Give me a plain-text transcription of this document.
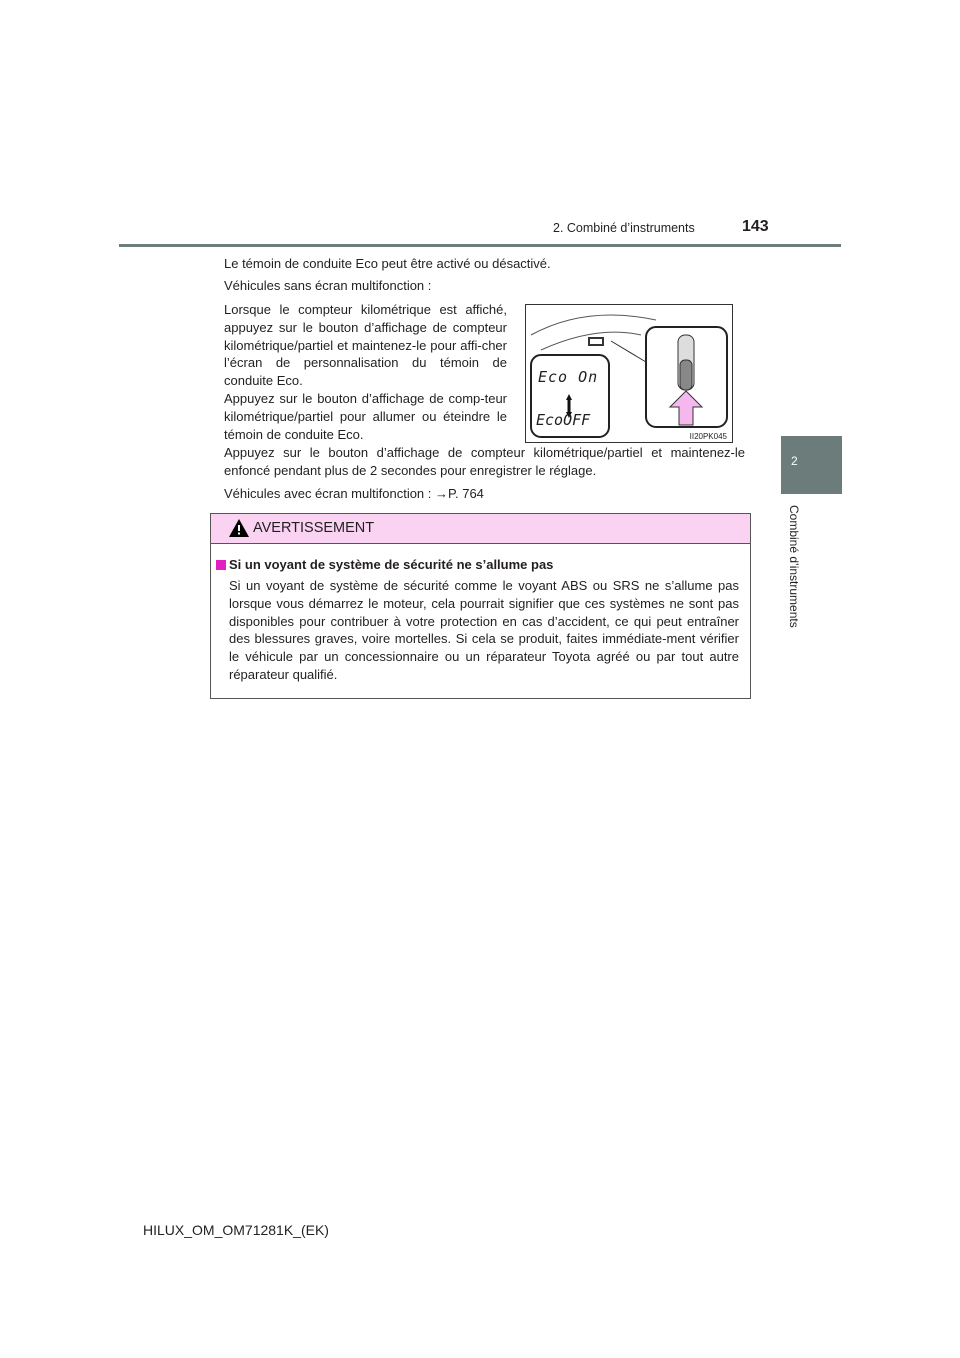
2. Combiné d’instruments	143
2
Combiné d’instruments
Le témoin de conduite Eco peut être activé ou désactivé.
Véhicules sans écran multifonction :
Lorsque le compteur kilométrique est affiché, appuyez sur le bouton d’affichage de compteur kilométrique/partiel et maintenez-le pour affi-cher l’écran de personnalisation du témoin de conduite Eco.
Appuyez sur le bouton d’affichage de comp-teur kilométrique/partiel pour allumer ou éteindre le témoin de conduite Eco.
Appuyez sur le bouton d’affichage de compteur kilométrique/partiel et maintenez-le enfoncé pendant plus de 2 secondes pour enregistrer le réglage.
Véhicules avec écran multifonction : →P. 764
Eco On
EcoOFF
II20PK045
AVERTISSEMENT
Si un voyant de système de sécurité ne s’allume pas
Si un voyant de système de sécurité comme le voyant ABS ou SRS ne s’allume pas lorsque vous démarrez le moteur, cela pourrait signifier que ces systèmes ne sont pas disponibles pour contribuer à votre protection en cas d’accident, ce qui peut entraîner des blessures graves, voire mortelles. Si cela se produit, faites immédiate-ment vérifier le véhicule par un concessionnaire ou un réparateur Toyota agréé ou par tout autre réparateur qualifié.
HILUX_OM_OM71281K_(EK)
